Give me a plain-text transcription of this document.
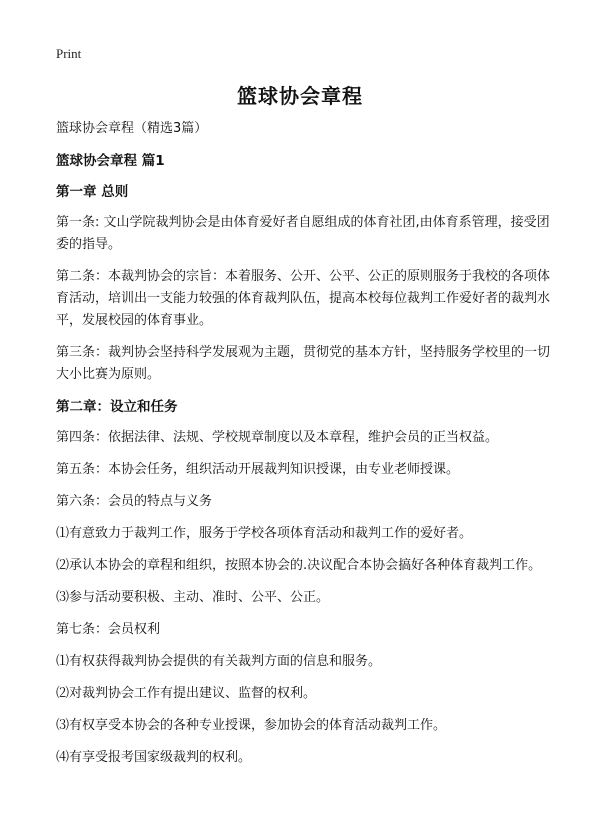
Print
篮球协会章程

篮球协会章程（精选3篇）

篮球协会章程 篇1

第一章 总则

第一条: 文山学院裁判协会是由体育爱好者自愿组成的体育社团,由体育系管理，接受团 委的指导。

第二条：本裁判协会的宗旨：本着服务、公开、公平、公正的原则服务于我校的各项体育活动，培训出一支能力较强的体育裁判队伍，提高本校每位裁判工作爱好者的裁判水平，发展校园的体育事业。

第三条：裁判协会坚持科学发展观为主题，贯彻党的基本方针，坚持服务学校里的一切大小比赛为原则。

第二章：设立和任务

第四条：依据法律、法规、学校规章制度以及本章程，维护会员的正当权益。

第五条：本协会任务，组织活动开展裁判知识授课，由专业老师授课。

第六条：会员的特点与义务

⑴有意致力于裁判工作，服务于学校各项体育活动和裁判工作的爱好者。

⑵承认本协会的章程和组织，按照本协会的.决议配合本协会搞好各种体育裁判工作。

⑶参与活动要积极、主动、准时、公平、公正。

第七条：会员权利

⑴有权获得裁判协会提供的有关裁判方面的信息和服务。

⑵对裁判协会工作有提出建议、监督的权利。

⑶有权享受本协会的各种专业授课，参加协会的体育活动裁判工作。

⑷有享受报考国家级裁判的权利。
